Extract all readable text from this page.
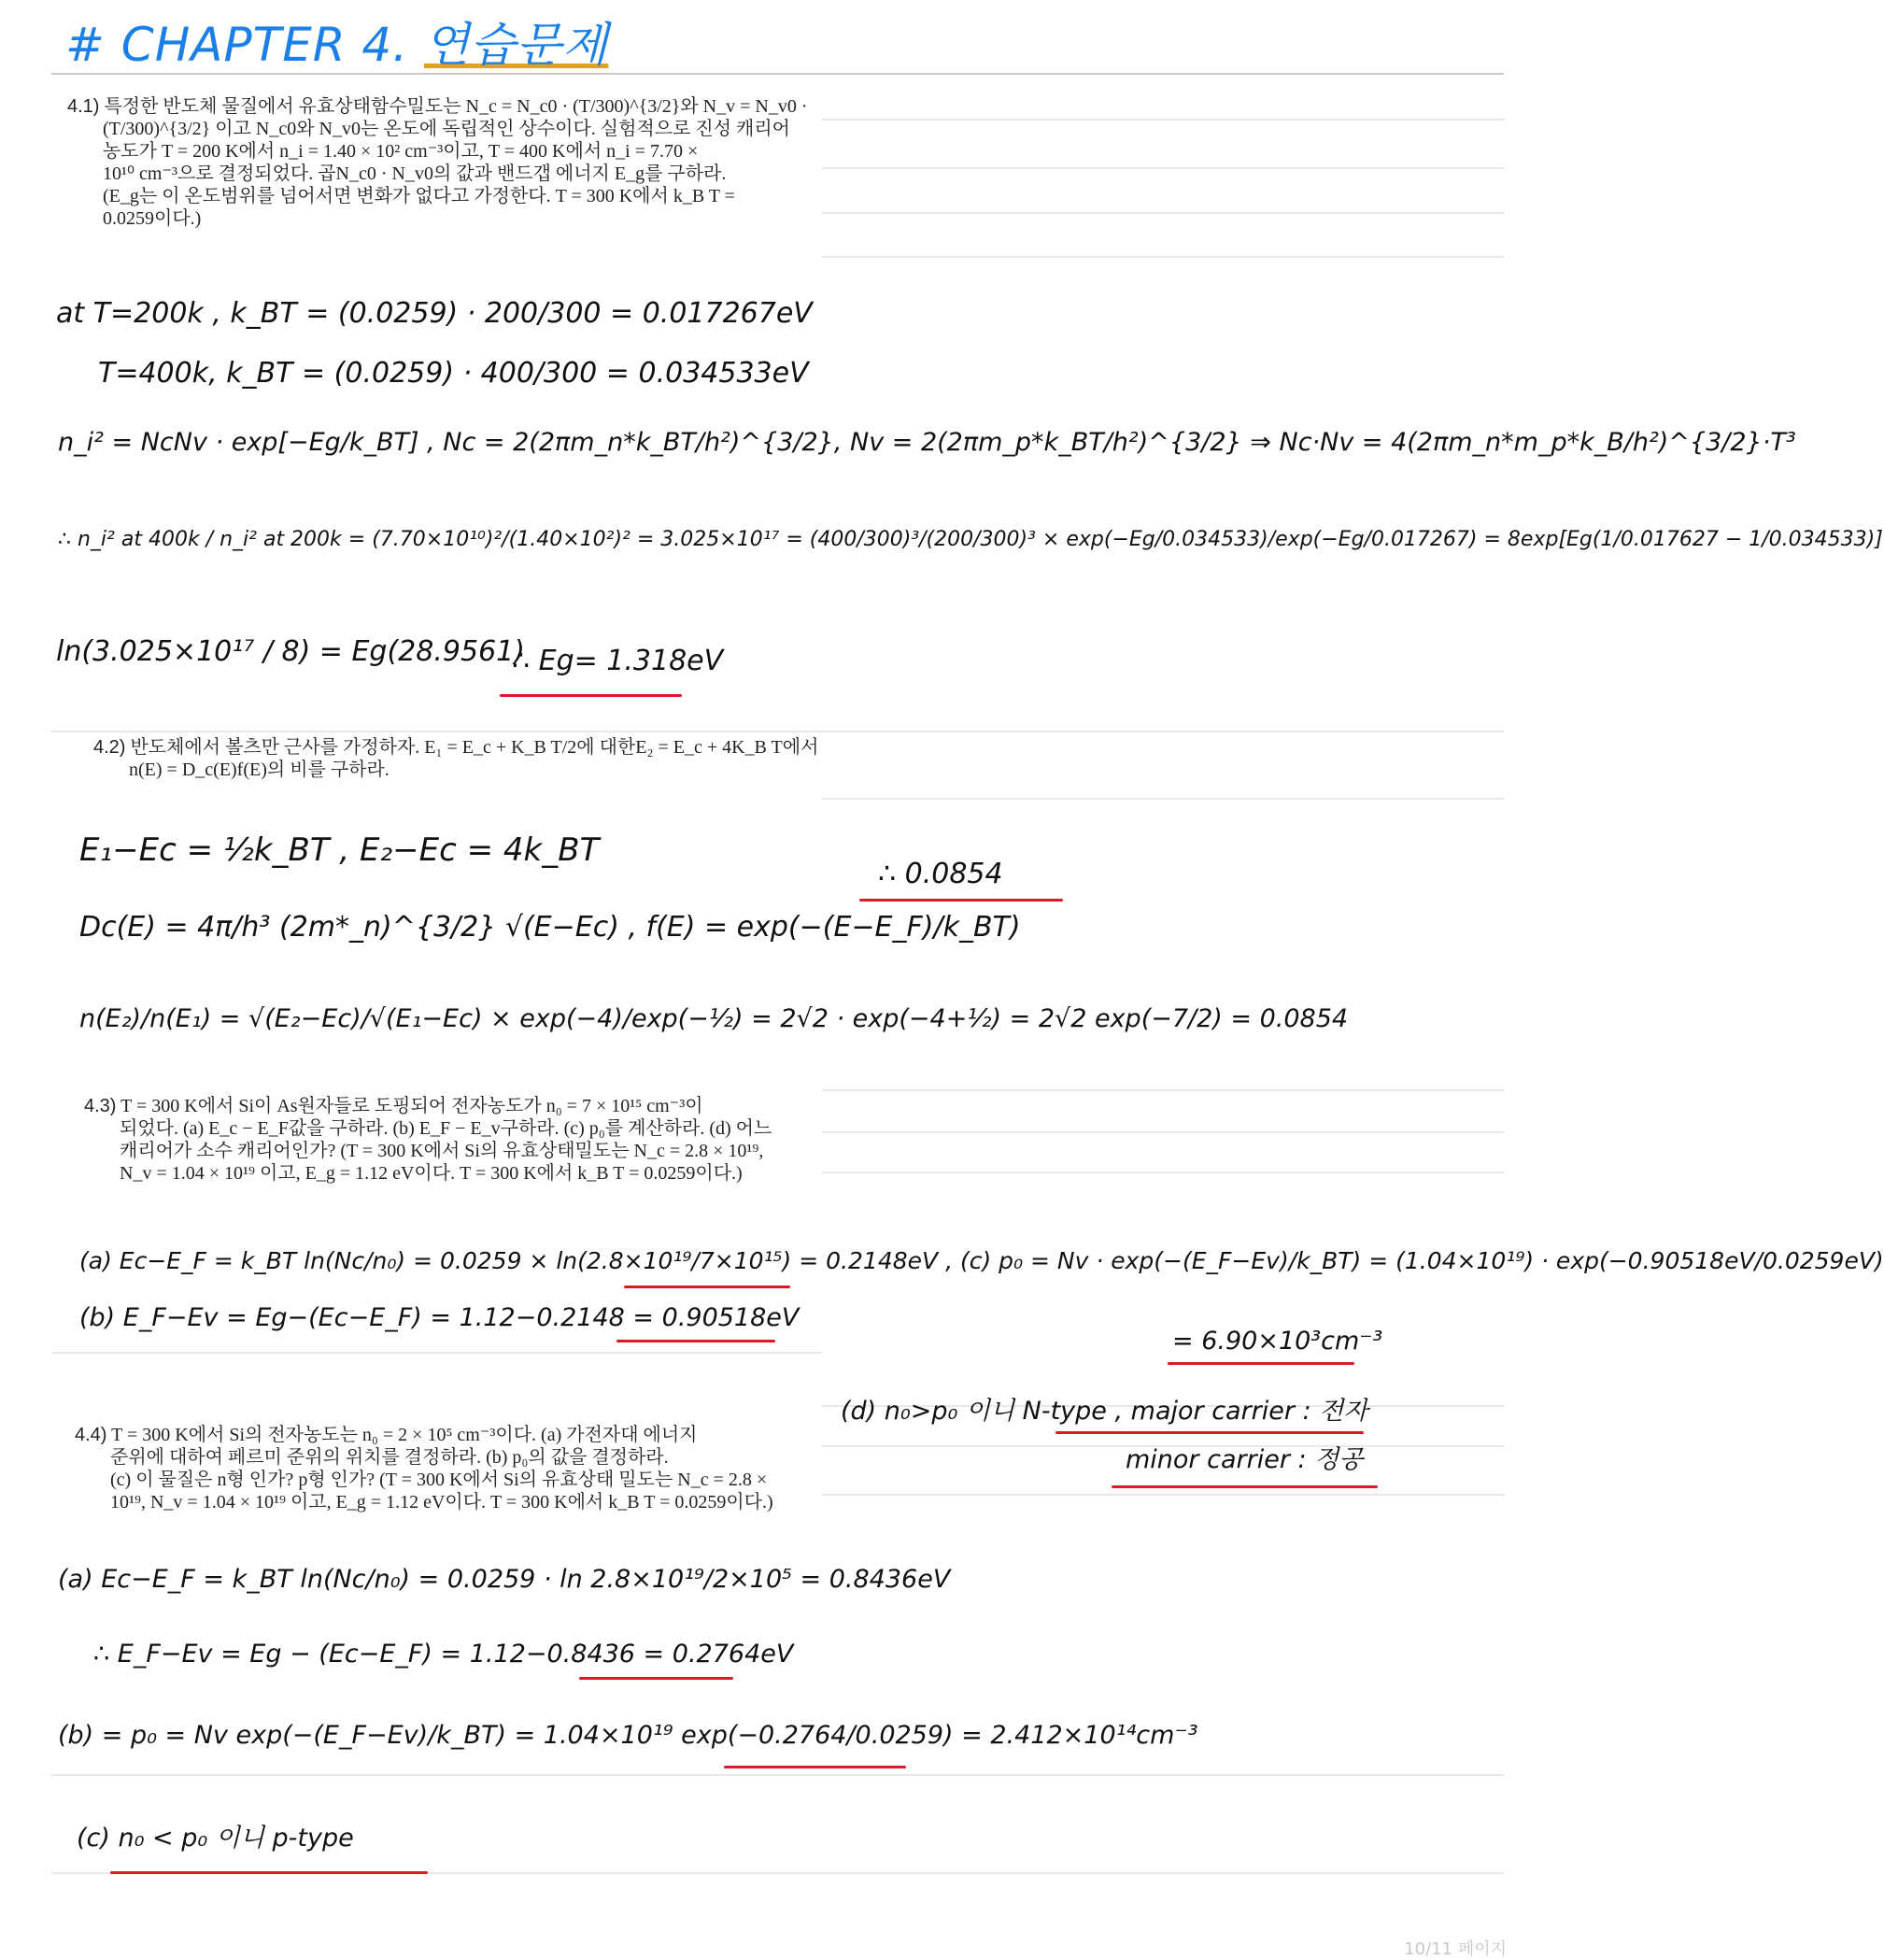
# CHAPTER 4. 연습문제
4.1) 특정한 반도체 물질에서 유효상태함수밀도는 N_c = N_c0 · (T/300)^{3/2}와 N_v = N_v0 ·
(T/300)^{3/2} 이고 N_c0와 N_v0는 온도에 독립적인 상수이다. 실험적으로 진성 캐리어
농도가 T = 200 K에서 n_i = 1.40 × 10² cm⁻³이고, T = 400 K에서 n_i = 7.70 ×
10¹⁰ cm⁻³으로 결정되었다. 곱N_c0 · N_v0의 값과 밴드갭 에너지 E_g를 구하라.
(E_g는 이 온도범위를 넘어서면 변화가 없다고 가정한다. T = 300 K에서 k_B T =
0.0259이다.)
at T=200k , k_BT = (0.0259) · 200/300 = 0.017267eV
T=400k, k_BT = (0.0259) · 400/300 = 0.034533eV
n_i² = NcNv · exp[−Eg/k_BT] , Nc = 2(2πm_n*k_BT/h²)^{3/2}, Nv = 2(2πm_p*k_BT/h²)^{3/2} ⇒ Nc·Nv = 4(2πm_n*m_p*k_B/h²)^{3/2}·T³
∴ n_i² at 400k / n_i² at 200k = (7.70×10¹⁰)²/(1.40×10²)² = 3.025×10¹⁷ = (400/300)³/(200/300)³ × exp(−Eg/0.034533)/exp(−Eg/0.017267) = 8exp[Eg(1/0.017627 − 1/0.034533)]
ln(3.025×10¹⁷ / 8) = Eg(28.9561)
∴ Eg= 1.318eV
4.2) 반도체에서 볼츠만 근사를 가정하자. E₁ = E_c + K_B T/2에 대한E₂ = E_c + 4K_B T에서
n(E) = D_c(E)f(E)의 비를 구하라.
E₁−Ec = ½k_BT , E₂−Ec = 4k_BT
Dc(E) = 4π/h³ (2m*_n)^{3/2} √(E−Ec) , f(E) = exp(−(E−E_F)/k_BT)
n(E₂)/n(E₁) = √(E₂−Ec)/√(E₁−Ec) × exp(−4)/exp(−½) = 2√2 · exp(−4+½) = 2√2 exp(−7/2) = 0.0854
∴ 0.0854
4.3) T = 300 K에서 Si이 As원자들로 도핑되어 전자농도가 n₀ = 7 × 10¹⁵ cm⁻³이
되었다. (a) E_c − E_F값을 구하라. (b) E_F − E_v구하라. (c) p₀를 계산하라. (d) 어느
캐리어가 소수 캐리어인가? (T = 300 K에서 Si의 유효상태밀도는 N_c = 2.8 × 10¹⁹,
N_v = 1.04 × 10¹⁹ 이고, E_g = 1.12 eV이다. T = 300 K에서 k_B T = 0.0259이다.)
(a) Ec−E_F = k_BT ln(Nc/n₀) = 0.0259 × ln(2.8×10¹⁹/7×10¹⁵) = 0.2148eV , (c) p₀ = Nv · exp(−(E_F−Ev)/k_BT) = (1.04×10¹⁹) · exp(−0.90518eV/0.0259eV)
(b) E_F−Ev = Eg−(Ec−E_F) = 1.12−0.2148 = 0.90518eV
= 6.90×10³cm⁻³
(d) n₀>p₀ 이니 N-type , major carrier : 전자
minor carrier : 정공
4.4) T = 300 K에서 Si의 전자농도는 n₀ = 2 × 10⁵ cm⁻³이다. (a) 가전자대 에너지
준위에 대하여 페르미 준위의 위치를 결정하라. (b) p₀의 값을 결정하라.
(c) 이 물질은 n형 인가? p형 인가? (T = 300 K에서 Si의 유효상태 밀도는 N_c = 2.8 ×
10¹⁹, N_v = 1.04 × 10¹⁹ 이고, E_g = 1.12 eV이다. T = 300 K에서 k_B T = 0.0259이다.)
(a) Ec−E_F = k_BT ln(Nc/n₀) = 0.0259 · ln 2.8×10¹⁹/2×10⁵ = 0.8436eV
∴ E_F−Ev = Eg − (Ec−E_F) = 1.12−0.8436 = 0.2764eV
(b) = p₀ = Nv exp(−(E_F−Ev)/k_BT) = 1.04×10¹⁹ exp(−0.2764/0.0259) = 2.412×10¹⁴cm⁻³
(c) n₀ < p₀ 이니 p-type
10/11 페이지
